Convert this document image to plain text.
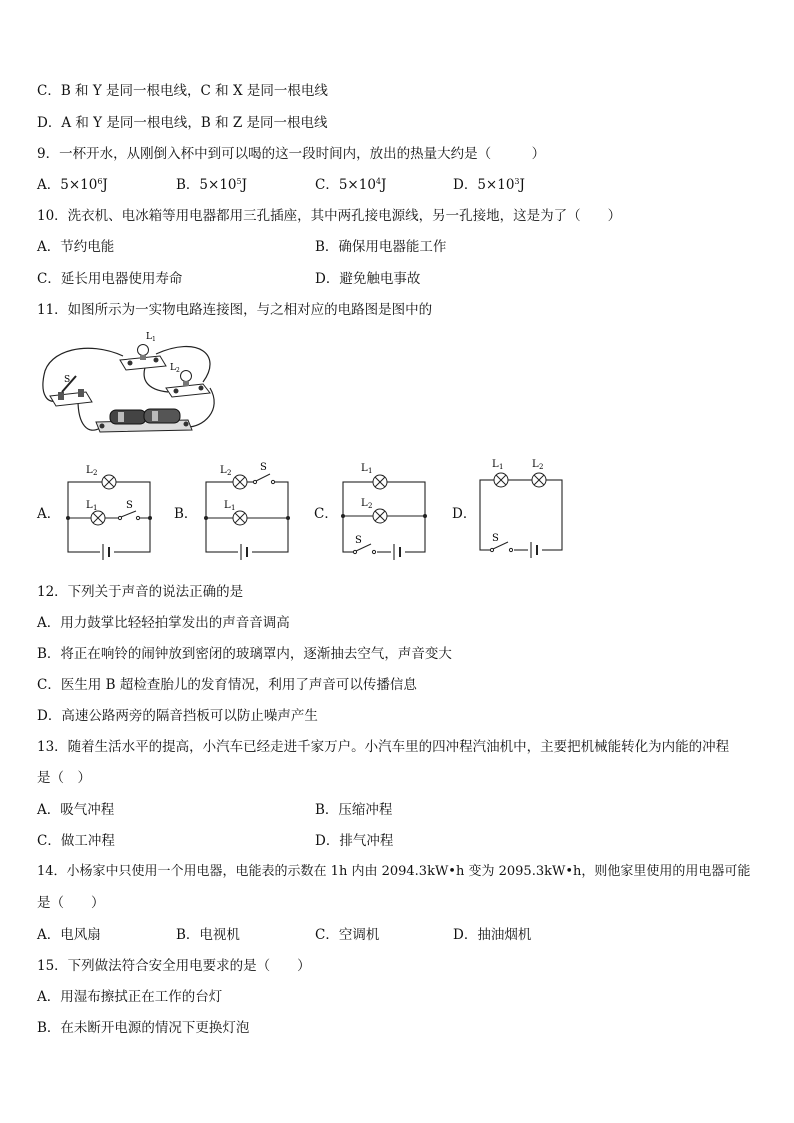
C．B 和 Y 是同一根电线，C 和 X 是同一根电线
D．A 和 Y 是同一根电线，B 和 Z 是同一根电线
9．一杯开水，从刚倒入杯中到可以喝的这一段时间内，放出的热量大约是（　　　）
A．$5\times 10^6J$	B．$5\times 10^5J$	C．$5\times 10^4J$	D．$5\times 10^3J$
10．洗衣机、电冰箱等用电器都用三孔插座，其中两孔接电源线，另一孔接地，这是为了（　　）
A．节约电能	B．确保用电器能工作
C．延长用电器使用寿命	D．避免触电事故
11．如图所示为一实物电路连接图，与之相对应的电路图是图中的
L 1
L 2
S
A．	B．	C．	D．
L 2
L 1	S
L 2	S
L 1
L 1
L 2
S
L 1	L 2
S
12．下列关于声音的说法正确的是
A．用力鼓掌比轻轻拍掌发出的声音音调高
B．将正在响铃的闹钟放到密闭的玻璃罩内，逐渐抽去空气，声音变大
C．医生用 B 超检查胎儿的发育情况，利用了声音可以传播信息
D．高速公路两旁的隔音挡板可以防止噪声产生
13．随着生活水平的提高，小汽车已经走进千家万户。小汽车里的四冲程汽油机中，主要把机械能转化为内能的冲程
是（　）
A．吸气冲程	B．压缩冲程
C．做工冲程	D．排气冲程
14．小杨家中只使用一个用电器，电能表的示数在 1h 内由 2094.3kW•h 变为 2095.3kW•h，则他家里使用的用电器可能
是（　　）
A．电风扇	B．电视机	C．空调机	D．抽油烟机
15．下列做法符合安全用电要求的是（　　）
A．用湿布擦拭正在工作的台灯
B．在未断开电源的情况下更换灯泡
